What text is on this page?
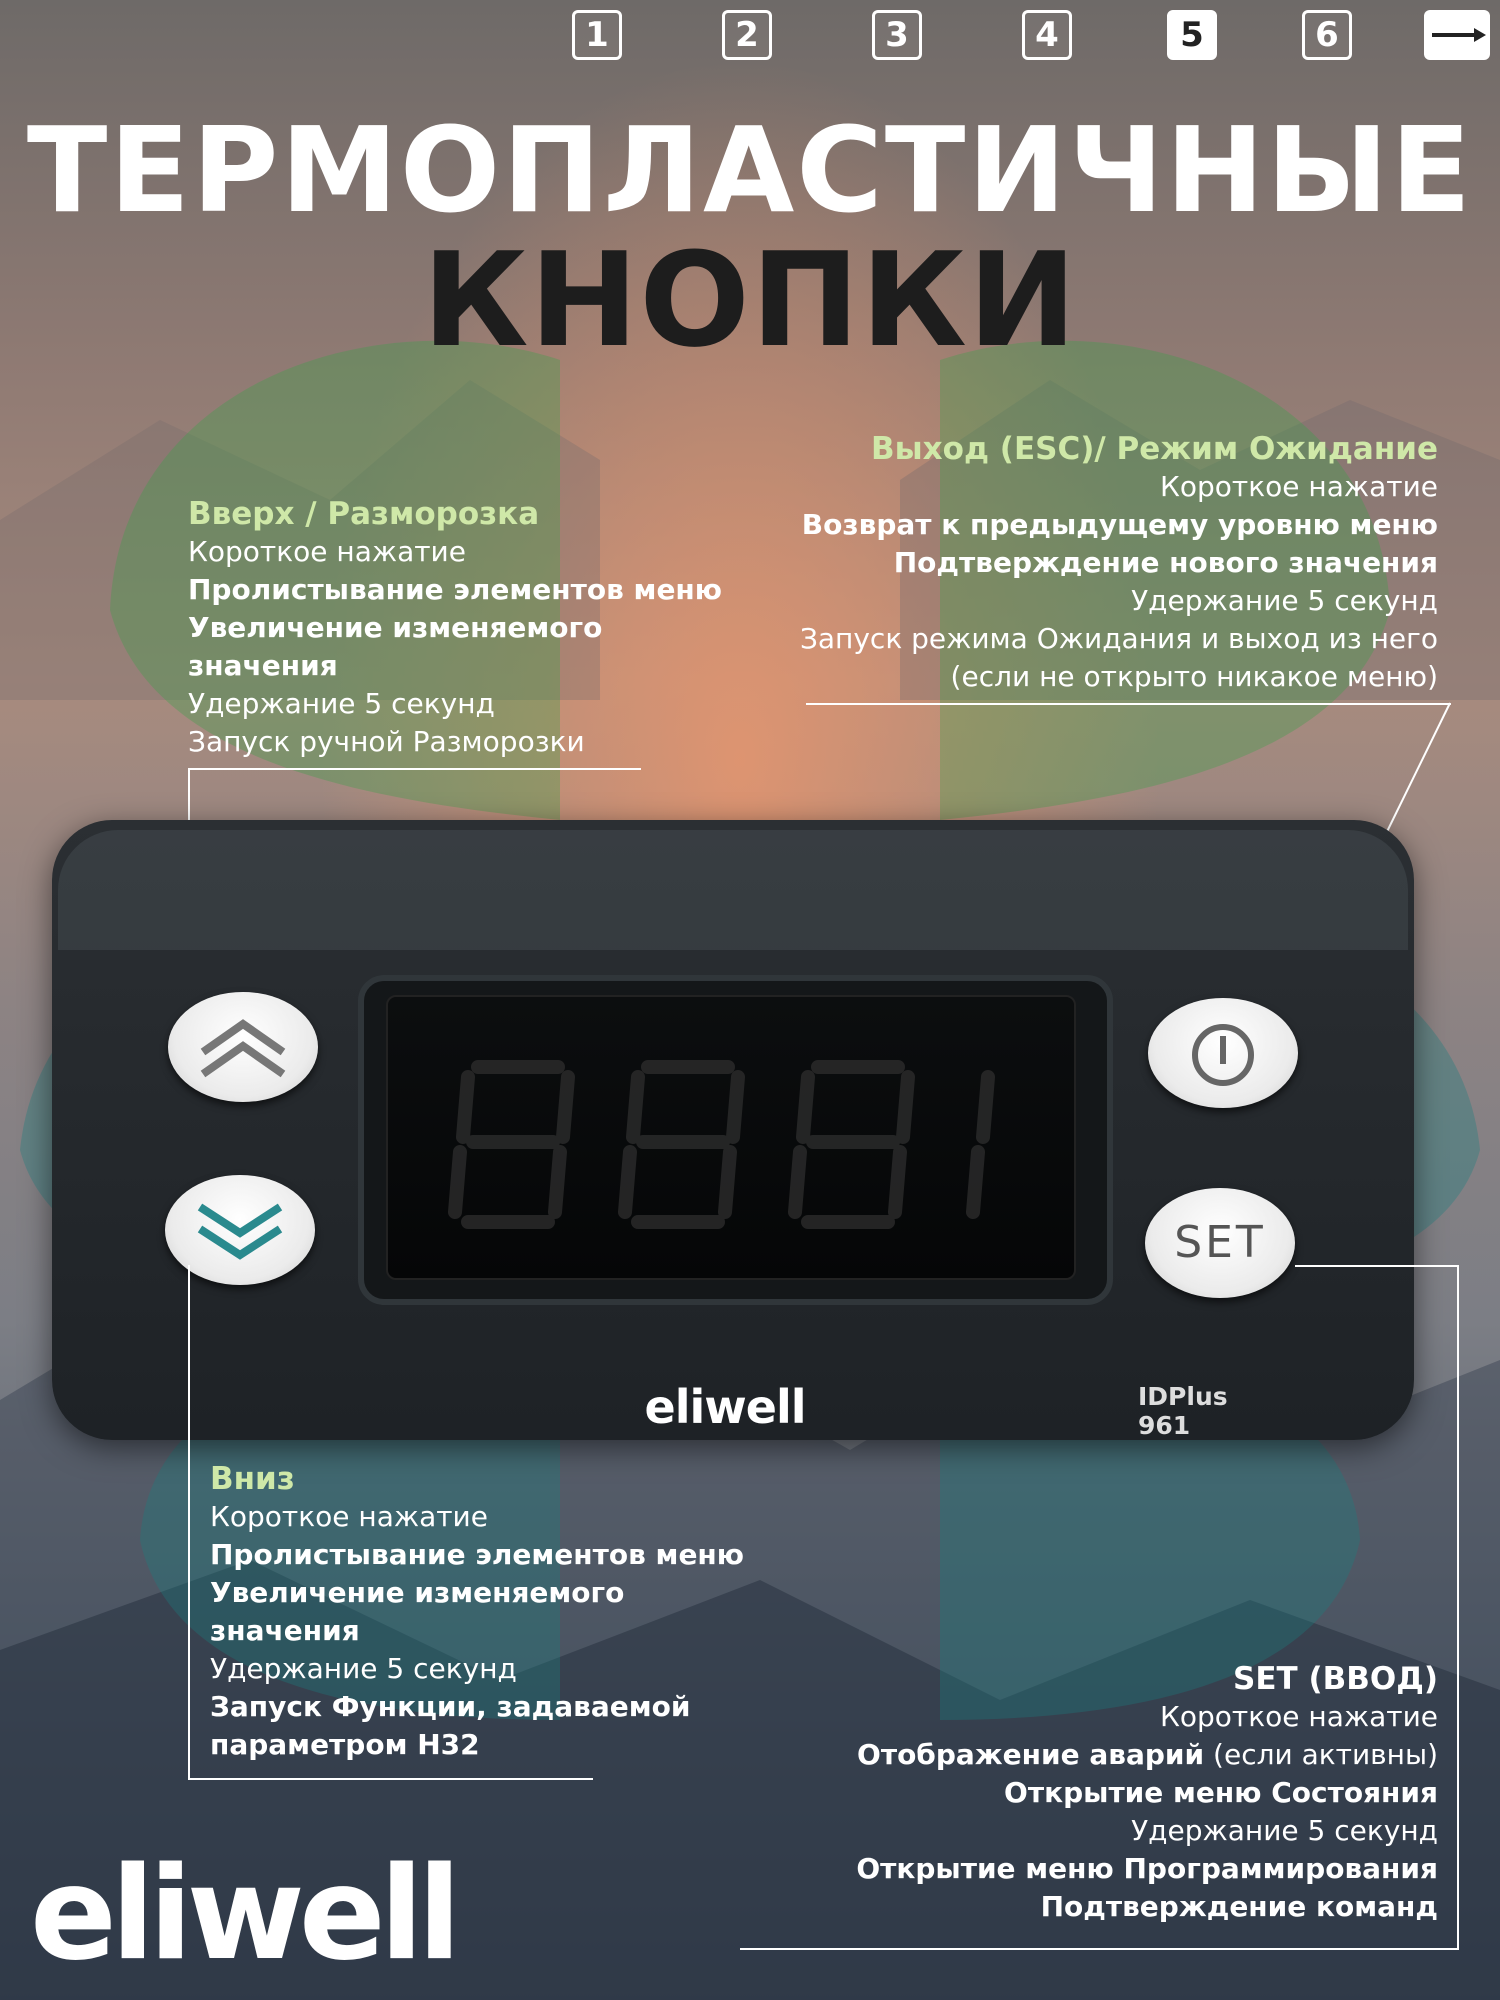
1	2	3	4	5	6
ТЕРМОПЛАСТИЧНЫЕ
КНОПКИ
Вверх / Разморозка
Короткое нажатие
Пролистывание элементов меню
Увеличение изменяемого
значения
Удержание 5 секунд
Запуск ручной Разморозки
Выход (ESC)/ Режим Ожидание
Короткое нажатие
Возврат к предыдущему уровню меню
Подтверждение нового значения
Удержание 5 секунд
Запуск режима Ожидания и выход из него
(если не открыто никакое меню)
SET
eliwell	IDPlus 961
Вниз
Короткое нажатие
Пролистывание элементов меню
Увеличение изменяемого
значения
Удержание 5 секунд
Запуск Функции, задаваемой
параметром H32
SET (ВВОД)
Короткое нажатие
Отображение аварий (если активны)
Открытие меню Состояния
Удержание 5 секунд
Открытие меню Программирования
Подтверждение команд
eliwell
